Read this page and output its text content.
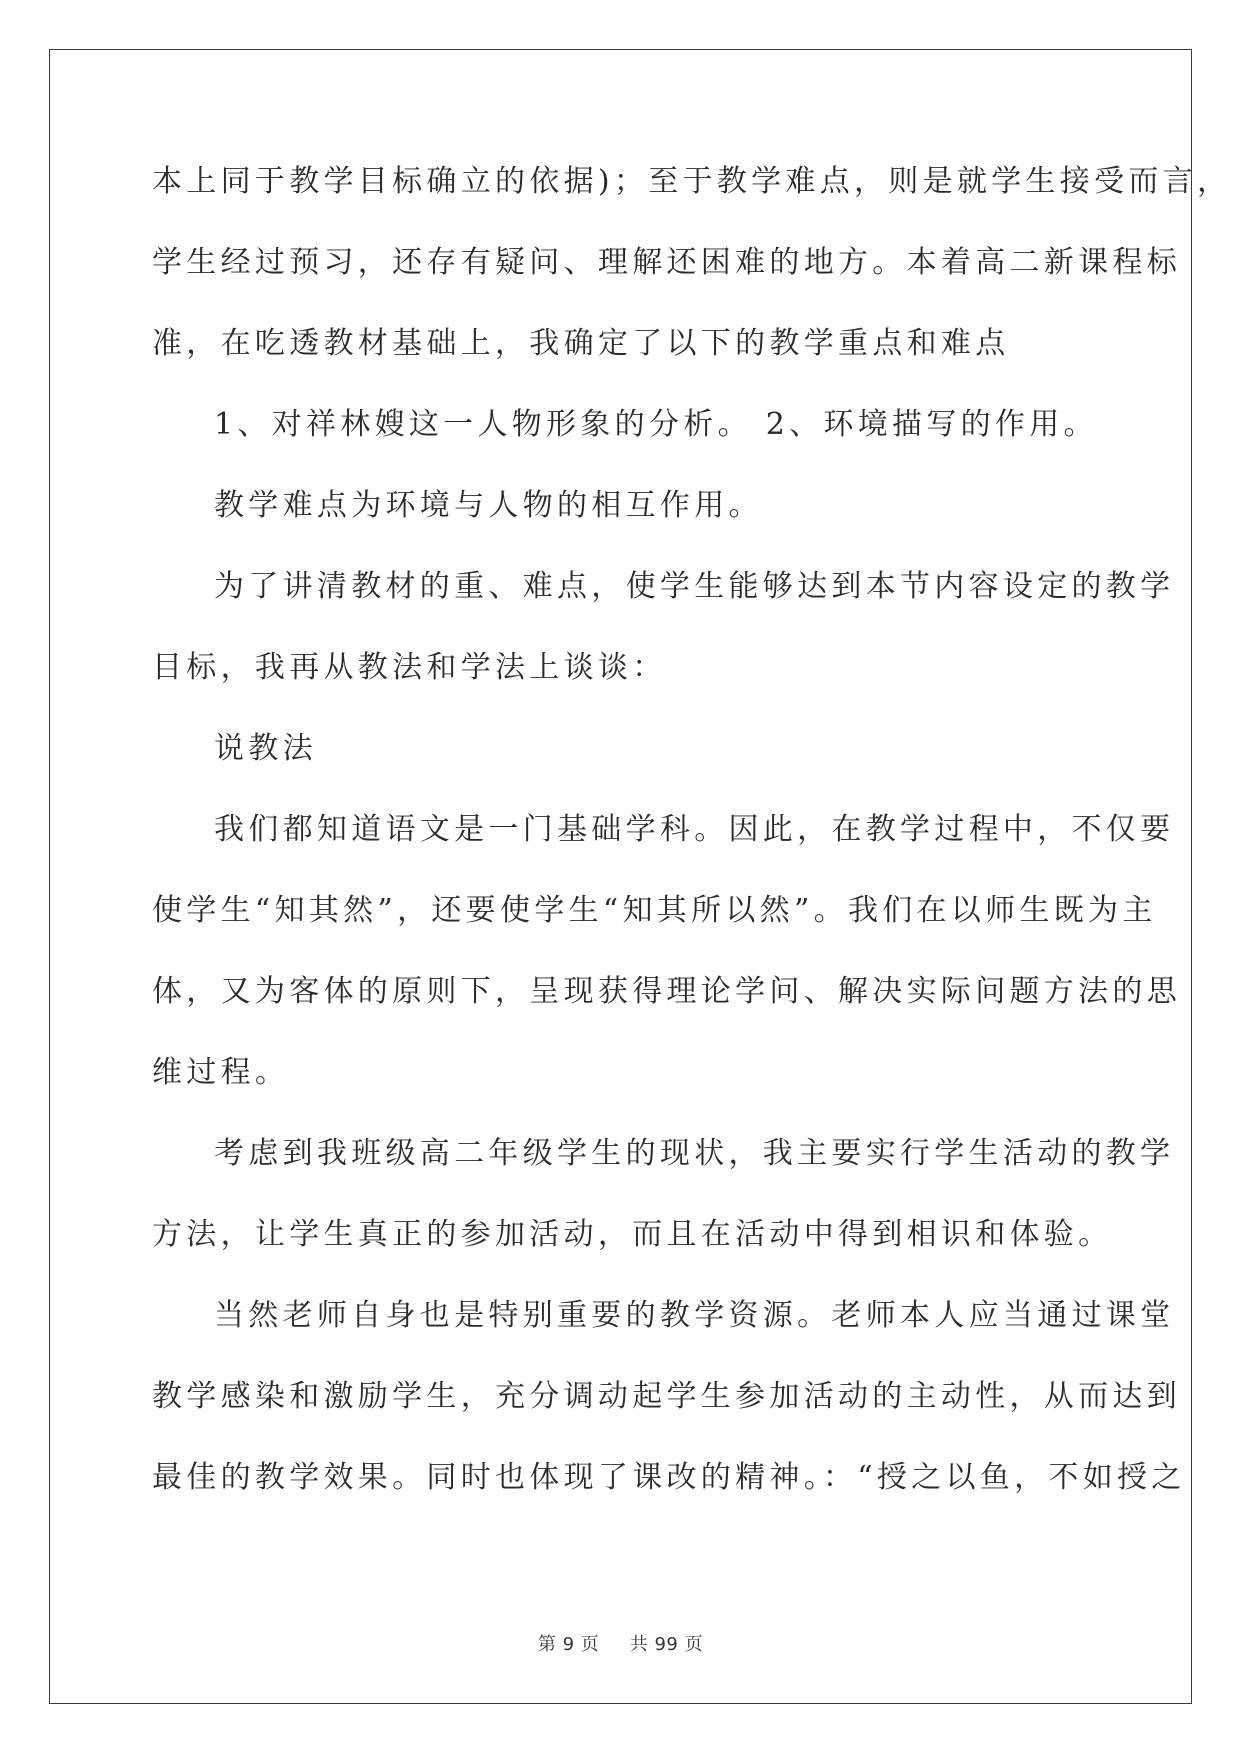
本上同于教学目标确立的依据)；至于教学难点，则是就学生接受而言，
学生经过预习，还存有疑问、理解还困难的地方。本着高二新课程标
准，在吃透教材基础上，我确定了以下的教学重点和难点
1、对祥林嫂这一人物形象的分析。 2、环境描写的作用。
教学难点为环境与人物的相互作用。
为了讲清教材的重、难点，使学生能够达到本节内容设定的教学
目标，我再从教法和学法上谈谈：
说教法
我们都知道语文是一门基础学科。因此，在教学过程中，不仅要
使学生“知其然”，还要使学生“知其所以然”。我们在以师生既为主
体，又为客体的原则下，呈现获得理论学问、解决实际问题方法的思
维过程。
考虑到我班级高二年级学生的现状，我主要实行学生活动的教学
方法，让学生真正的参加活动，而且在活动中得到相识和体验。
当然老师自身也是特别重要的教学资源。老师本人应当通过课堂
教学感染和激励学生，充分调动起学生参加活动的主动性，从而达到
最佳的教学效果。同时也体现了课改的精神。：“授之以鱼，不如授之
第 9 页 共 99 页
